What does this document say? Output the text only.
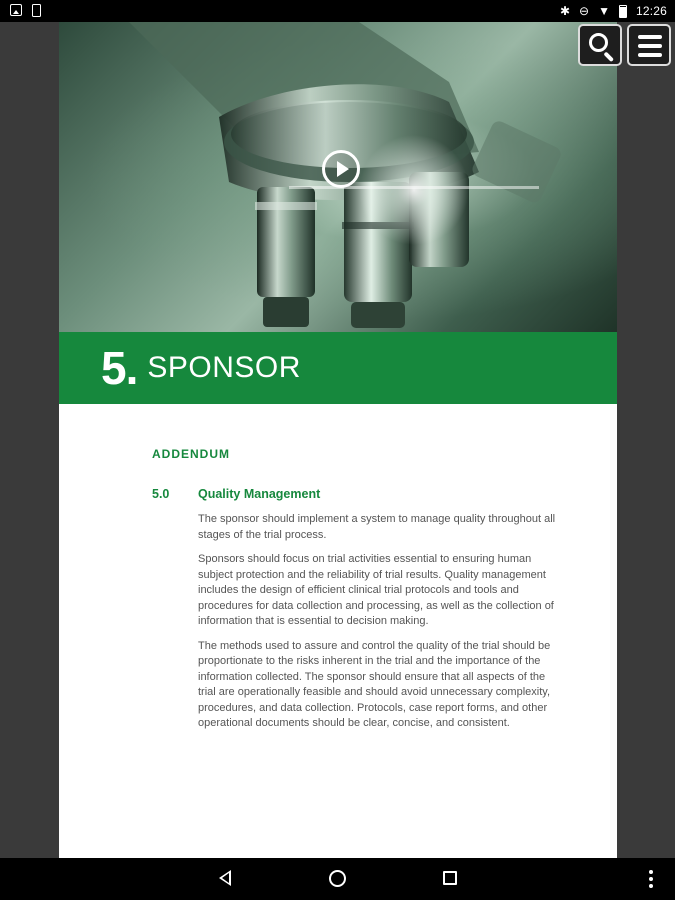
✱ ⊖ ▼ 12:26
5. SPONSOR
ADDENDUM
5.0 Quality Management

The sponsor should implement a system to manage quality throughout all stages of the trial process.

Sponsors should focus on trial activities essential to ensuring human subject protection and the reliability of trial results. Quality management includes the design of efficient clinical trial protocols and tools and procedures for data collection and processing, as well as the collection of information that is essential to decision making.

The methods used to assure and control the quality of the trial should be proportionate to the risks inherent in the trial and the importance of the information collected. The sponsor should ensure that all aspects of the trial are operationally feasible and should avoid unnecessary complexity, procedures, and data collection. Protocols, case report forms, and other operational documents should be clear, concise, and consistent.
